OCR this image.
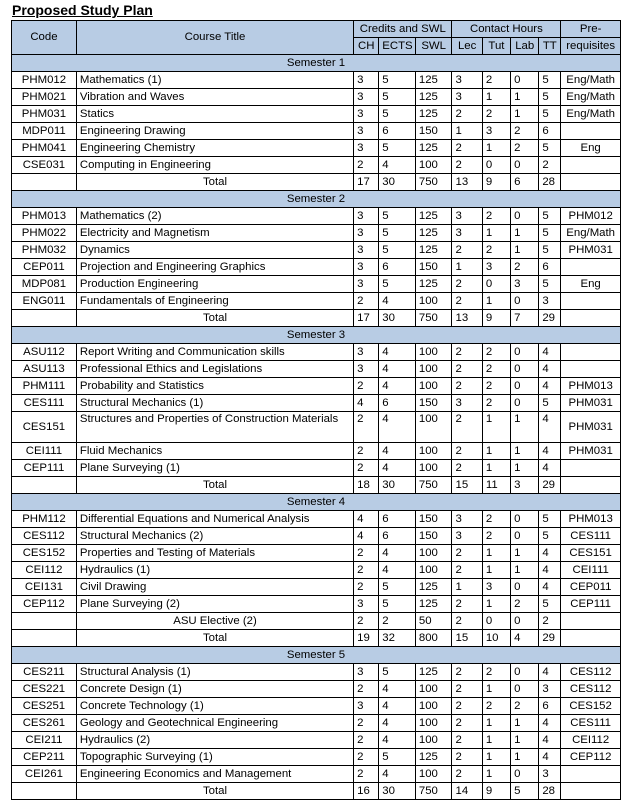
Proposed Study Plan
Code	Course Title	Credits and SWL			Contact Hours				Pre-
		CH	ECTS	SWL	Lec	Tut	Lab	TT	requisites
Semester 1									
PHM012	Mathematics (1)	3	5	125	3	2	0	5	Eng/Math
PHM021	Vibration and Waves	3	5	125	3	1	1	5	Eng/Math
PHM031	Statics	3	5	125	2	2	1	5	Eng/Math
MDP011	Engineering Drawing	3	6	150	1	3	2	6	
PHM041	Engineering Chemistry	3	5	125	2	1	2	5	Eng
CSE031	Computing in Engineering	2	4	100	2	0	0	2	
	Total	17	30	750	13	9	6	28	
Semester 2									
PHM013	Mathematics (2)	3	5	125	3	2	0	5	PHM012
PHM022	Electricity and Magnetism	3	5	125	3	1	1	5	Eng/Math
PHM032	Dynamics	3	5	125	2	2	1	5	PHM031
CEP011	Projection and Engineering Graphics	3	6	150	1	3	2	6	
MDP081	Production Engineering	3	5	125	2	0	3	5	Eng
ENG011	Fundamentals of Engineering	2	4	100	2	1	0	3	
	Total	17	30	750	13	9	7	29	
Semester 3									
ASU112	Report Writing and Communication skills	3	4	100	2	2	0	4	
ASU113	Professional Ethics and Legislations	3	4	100	2	2	0	4	
PHM111	Probability and Statistics	2	4	100	2	2	0	4	PHM013
CES111	Structural Mechanics (1)	4	6	150	3	2	0	5	PHM031
CES151	Structures and Properties of Construction Materials	2	4	100	2	1	1	4	PHM031
CEI111	Fluid Mechanics	2	4	100	2	1	1	4	PHM031
CEP111	Plane Surveying (1)	2	4	100	2	1	1	4	
	Total	18	30	750	15	11	3	29	
Semester 4									
PHM112	Differential Equations and Numerical Analysis	4	6	150	3	2	0	5	PHM013
CES112	Structural Mechanics (2)	4	6	150	3	2	0	5	CES111
CES152	Properties and Testing of Materials	2	4	100	2	1	1	4	CES151
CEI112	Hydraulics (1)	2	4	100	2	1	1	4	CEI111
CEI131	Civil Drawing	2	5	125	1	3	0	4	CEP011
CEP112	Plane Surveying (2)	3	5	125	2	1	2	5	CEP111
	ASU Elective (2)	2	2	50	2	0	0	2	
	Total	19	32	800	15	10	4	29	
Semester 5									
CES211	Structural Analysis (1)	3	5	125	2	2	0	4	CES112
CES221	Concrete Design (1)	2	4	100	2	1	0	3	CES112
CES251	Concrete Technology (1)	3	4	100	2	2	2	6	CES152
CES261	Geology and Geotechnical Engineering	2	4	100	2	1	1	4	CES111
CEI211	Hydraulics (2)	2	4	100	2	1	1	4	CEI112
CEP211	Topographic Surveying (1)	2	5	125	2	1	1	4	CEP112
CEI261	Engineering Economics and Management	2	4	100	2	1	0	3	
	Total	16	30	750	14	9	5	28	
